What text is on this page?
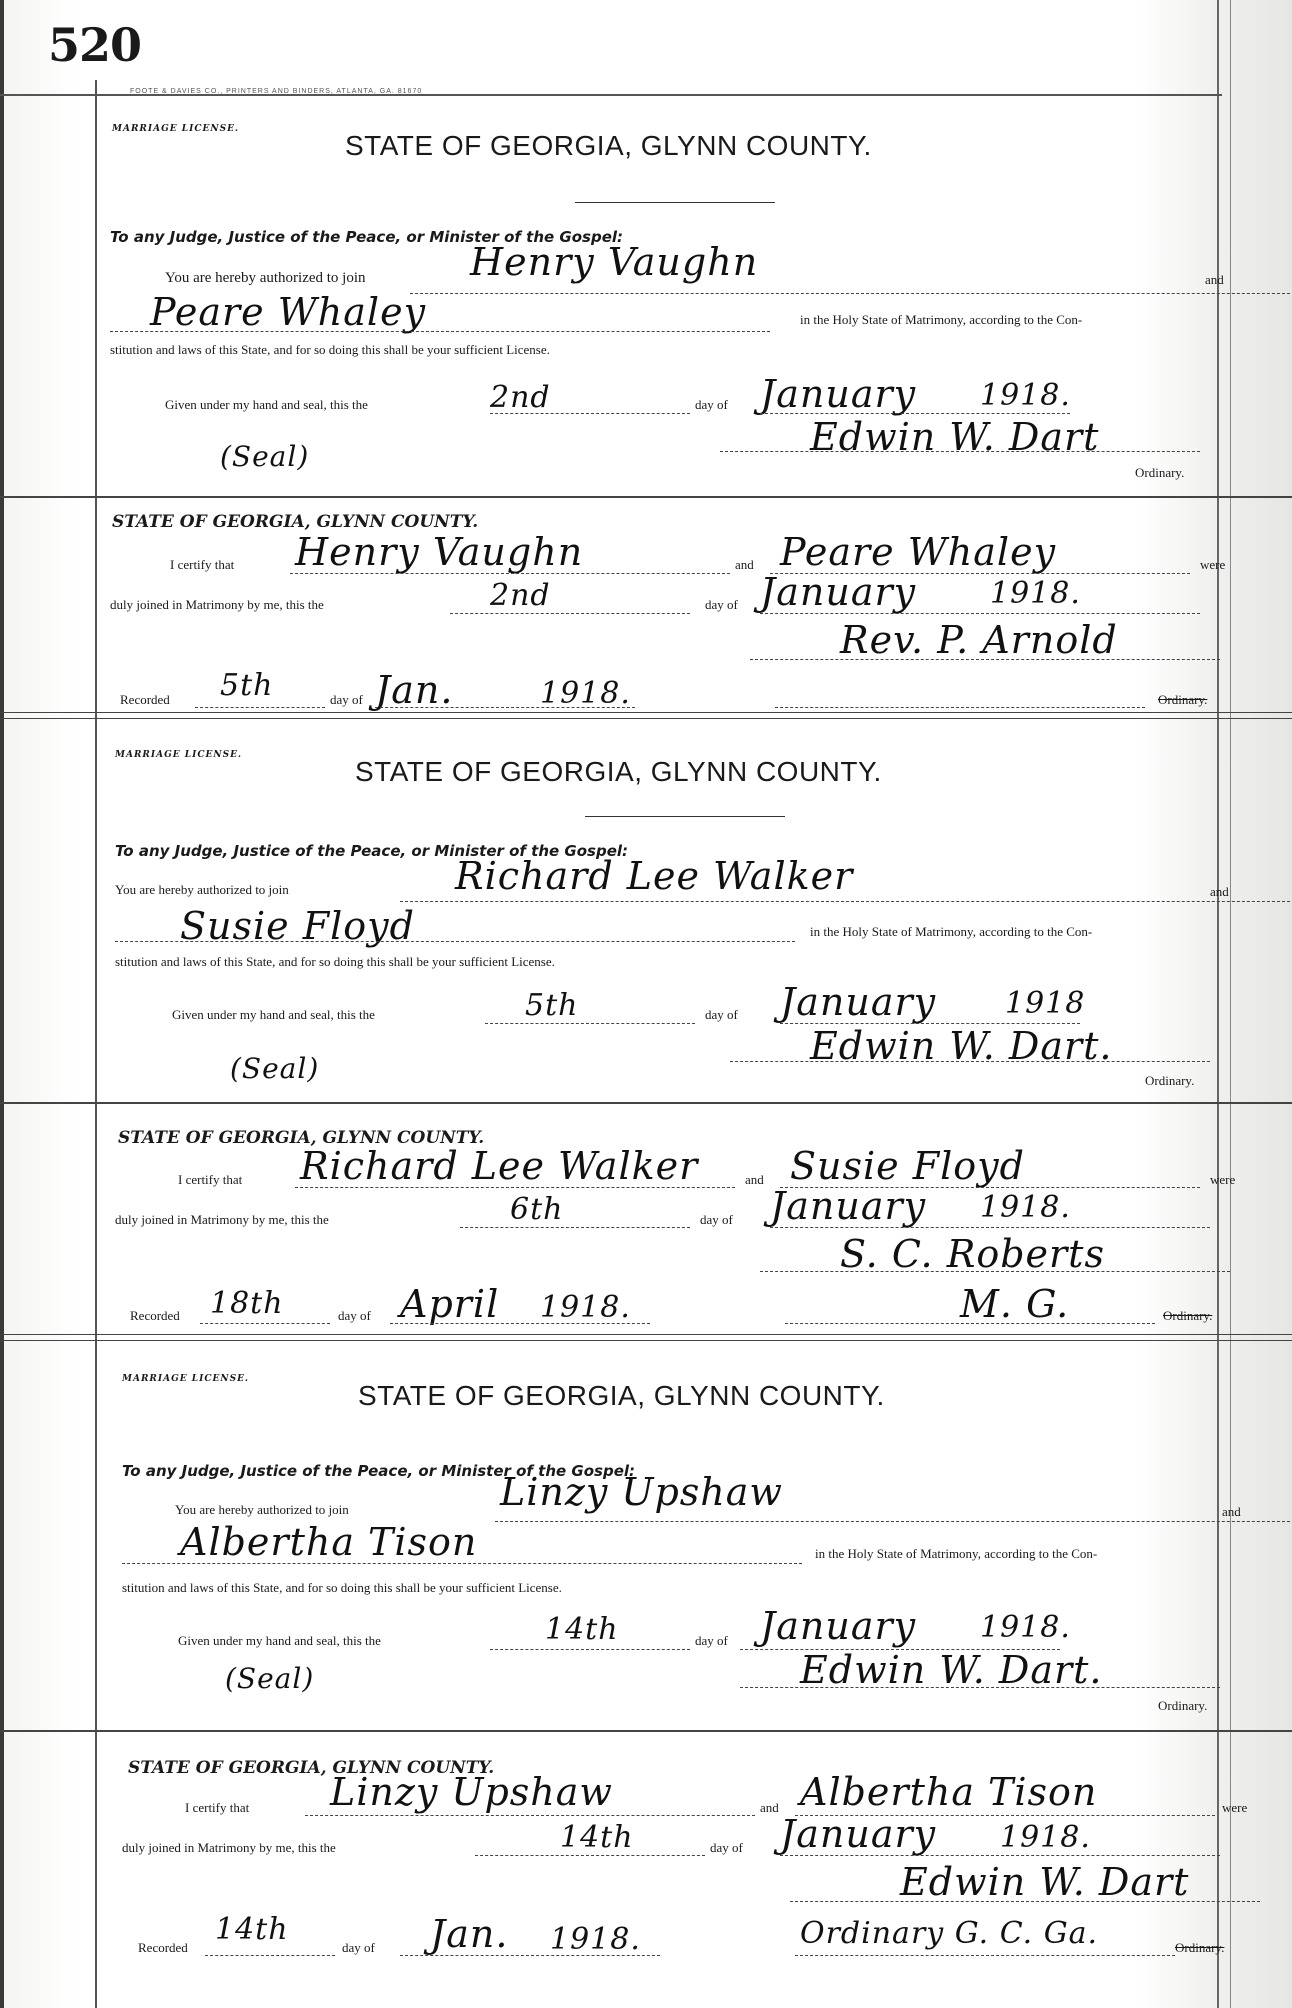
520
FOOTE & DAVIES CO., PRINTERS AND BINDERS, ATLANTA, GA. 81670
MARRIAGE LICENSE.
STATE OF GEORGIA, GLYNN COUNTY.
To any Judge, Justice of the Peace, or Minister of the Gospel:
You are hereby authorized to join	Henry Vaughn	and
Peare Whaley	in the Holy State of Matrimony, according to the Con-
stitution and laws of this State, and for so doing this shall be your sufficient License.
Given under my hand and seal, this the	2nd	day of January 1918.
(Seal)	Edwin W. Dart
Ordinary.
STATE OF GEORGIA, GLYNN COUNTY.
I certify that Henry Vaughn	and Peare Whaley	were
duly joined in Matrimony by me, this the	2nd	day of January 1918.
Rev. P. Arnold
Recorded 5th	day of Jan.	1918.	Ordinary.
MARRIAGE LICENSE.
STATE OF GEORGIA, GLYNN COUNTY.
To any Judge, Justice of the Peace, or Minister of the Gospel:
You are hereby authorized to join	Richard Lee Walker	and
Susie Floyd	in the Holy State of Matrimony, according to the Con-
stitution and laws of this State, and for so doing this shall be your sufficient License.
Given under my hand and seal, this the	5th	day of January 1918
(Seal)
Edwin W. Dart.
Ordinary.
STATE OF GEORGIA, GLYNN COUNTY.
I certify that Richard Lee Walker	and Susie Floyd	were
duly joined in Matrimony by me, this the	6th	day of January 1918.
S. C. Roberts
Recorded 18th	day of April 1918.	M. G.	Ordinary.
MARRIAGE LICENSE.
STATE OF GEORGIA, GLYNN COUNTY.
To any Judge, Justice of the Peace, or Minister of the Gospel:
You are hereby authorized to join	Linzy Upshaw	and
Albertha Tison	in the Holy State of Matrimony, according to the Con-
stitution and laws of this State, and for so doing this shall be your sufficient License.
Given under my hand and seal, this the	14th	day of January 1918.
(Seal)	Edwin W. Dart.
Ordinary.
STATE OF GEORGIA, GLYNN COUNTY.
I certify that Linzy Upshaw	and Albertha Tison	were
duly joined in Matrimony by me, this the	14th	day of January 1918.
Edwin W. Dart
Recorded
14th
day of Jan. 1918.	Ordinary G. C. Ga.	Ordinary.
